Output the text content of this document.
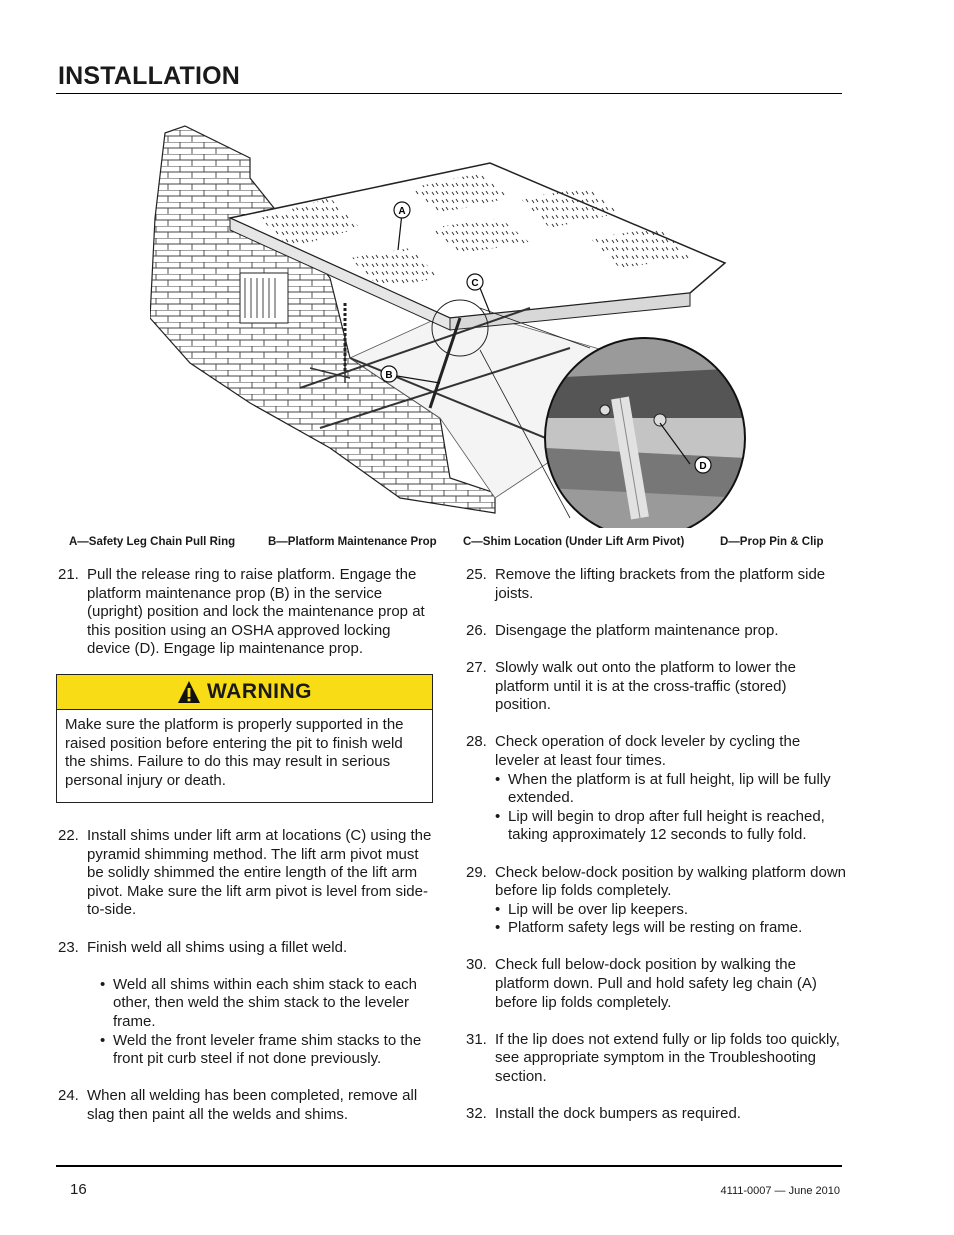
INSTALLATION
A
C
B
D
A—Safety Leg Chain Pull Ring	B—Platform Maintenance Prop C—Shim Location (Under Lift Arm Pivot)	D—Prop Pin & Clip
21. Pull the release ring to raise platform. Engage the platform maintenance prop (B) in the service (upright) position and lock the maintenance prop at this position using an OSHA approved locking device (D). Engage lip maintenance prop.
WARNING
Make sure the platform is properly supported in the raised position before entering the pit to finish weld the shims. Failure to do this may result in serious personal injury or death.
22. Install shims under lift arm at locations (C) using the pyramid shimming method. The lift arm pivot must be solidly shimmed the entire length of the lift arm pivot. Make sure the lift arm pivot is level from side-to-side.
23. Finish weld all shims using a fillet weld.
• Weld all shims within each shim stack to each other, then weld the shim stack to the leveler frame.
• Weld the front leveler frame shim stacks to the front pit curb steel if not done previously.
24. When all welding has been completed, remove all slag then paint all the welds and shims.
25. Remove the lifting brackets from the platform side joists.
26. Disengage the platform maintenance prop.
27. Slowly walk out onto the platform to lower the platform until it is at the cross-traffic (stored) position.
28. Check operation of dock leveler by cycling the leveler at least four times.
• When the platform is at full height, lip will be fully extended.
• Lip will begin to drop after full height is reached, taking approximately 12 seconds to fully fold.
29. Check below-dock position by walking platform down before lip folds completely.
• Lip will be over lip keepers.
• Platform safety legs will be resting on frame.
30. Check full below-dock position by walking the platform down. Pull and hold safety leg chain (A) before lip folds completely.
31. If the lip does not extend fully or lip folds too quickly, see appropriate symptom in the Troubleshooting section.
32. Install the dock bumpers as required.
16	4111-0007 — June 2010
